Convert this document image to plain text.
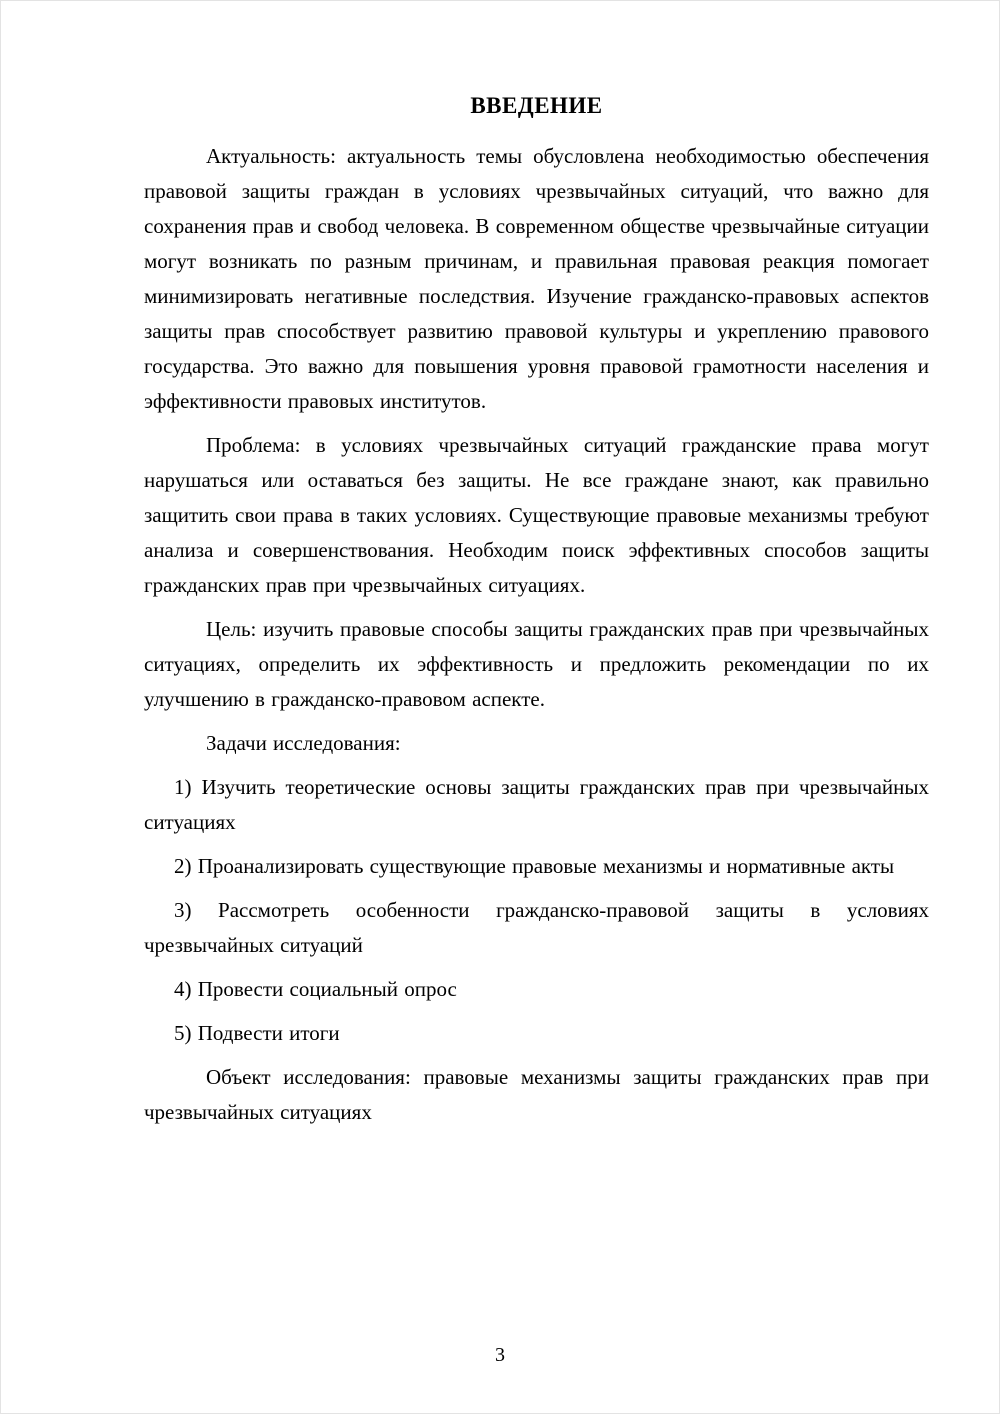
ВВЕДЕНИЕ

Актуальность: актуальность темы обусловлена необходимостью обеспечения правовой защиты граждан в условиях чрезвычайных ситуаций, что важно для сохранения прав и свобод человека. В современном обществе чрезвычайные ситуации могут возникать по разным причинам, и правильная правовая реакция помогает минимизировать негативные последствия. Изучение гражданско-правовых аспектов защиты прав способствует развитию правовой культуры и укреплению правового государства. Это важно для повышения уровня правовой грамотности населения и эффективности правовых институтов.

Проблема: в условиях чрезвычайных ситуаций гражданские права могут нарушаться или оставаться без защиты. Не все граждане знают, как правильно защитить свои права в таких условиях. Существующие правовые механизмы требуют анализа и совершенствования. Необходим поиск эффективных способов защиты гражданских прав при чрезвычайных ситуациях.

Цель: изучить правовые способы защиты гражданских прав при чрезвычайных ситуациях, определить их эффективность и предложить рекомендации по их улучшению в гражданско-правовом аспекте.

Задачи исследования:

1) Изучить теоретические основы защиты гражданских прав при чрезвычайных ситуациях

2) Проанализировать существующие правовые механизмы и нормативные акты

3) Рассмотреть особенности гражданско-правовой защиты в условиях чрезвычайных ситуаций

4) Провести социальный опрос

5) Подвести итоги

Объект исследования: правовые механизмы защиты гражданских прав при чрезвычайных ситуациях

3
